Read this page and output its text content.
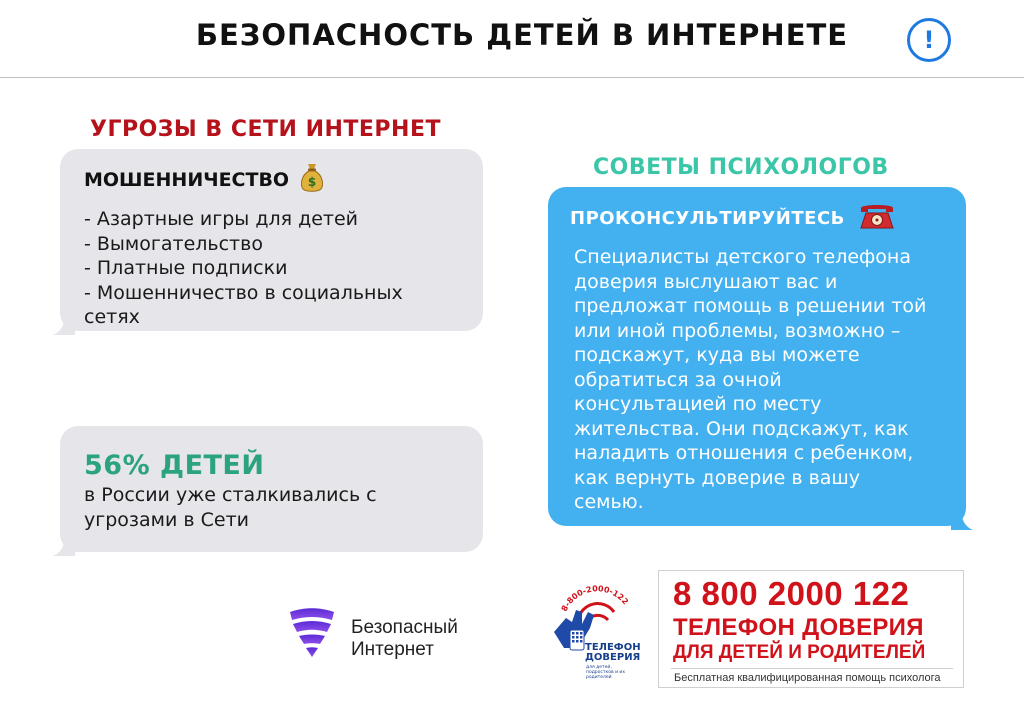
БЕЗОПАСНОСТЬ ДЕТЕЙ В ИНТЕРНЕТЕ	!
УГРОЗЫ В СЕТИ ИНТЕРНЕТ
МОШЕННИЧЕСТВО $
- Азартные игры для детей
- Вымогательство
- Платные подписки
- Мошенничество в социальных
сетях
56% ДЕТЕЙ
в России уже сталкивались с
угрозами в Сети
СОВЕТЫ ПСИХОЛОГОВ
ПРОКОНСУЛЬТИРУЙТЕСЬ
Специалисты детского телефона
доверия выслушают вас и
предложат помощь в решении той
или иной проблемы, возможно –
подскажут, куда вы можете
обратиться за очной
консультацией по месту
жительства. Они подскажут, как
наладить отношения с ребенком,
как вернуть доверие в вашу
семью.
Безопасный
Интернет
8-800-2000-122
ТЕЛЕФОН
ДОВЕРИЯ
для детей, подростков и их родителей
8 800 2000 122
ТЕЛЕФОН ДОВЕРИЯ
ДЛЯ ДЕТЕЙ И РОДИТЕЛЕЙ
Бесплатная квалифицированная помощь психолога
